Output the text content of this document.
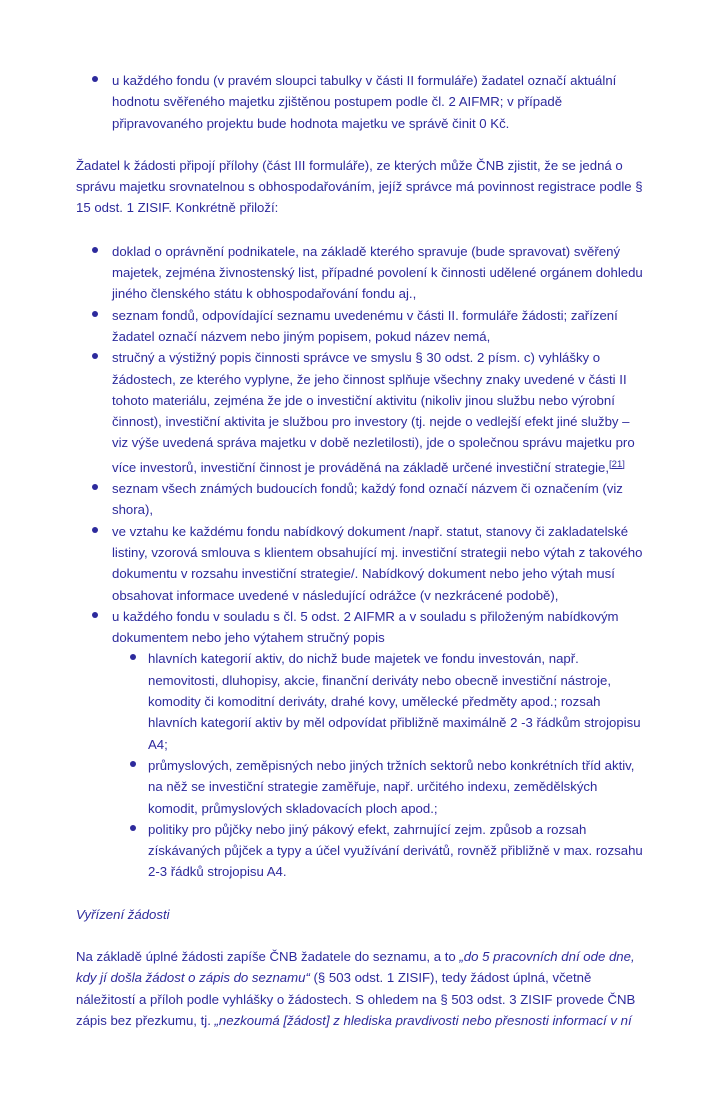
u každého fondu (v pravém sloupci tabulky v části II formuláře) žadatel označí aktuální hodnotu svěřeného majetku zjištěnou postupem podle čl. 2 AIFMR; v případě připravovaného projektu bude hodnota majetku ve správě činit 0 Kč.

Žadatel k žádosti připojí přílohy (část III formuláře), ze kterých může ČNB zjistit, že se jedná o správu majetku srovnatelnou s obhospodařováním, jejíž správce má povinnost registrace podle § 15 odst. 1 ZISIF. Konkrétně přiloží:

doklad o oprávnění podnikatele, na základě kterého spravuje (bude spravovat) svěřený majetek, zejména živnostenský list, případné povolení k činnosti udělené orgánem dohledu jiného členského státu k obhospodařování fondu aj.,
seznam fondů, odpovídající seznamu uvedenému v části II. formuláře žádosti; zařízení žadatel označí názvem nebo jiným popisem, pokud název nemá,
stručný a výstižný popis činnosti správce ve smyslu § 30 odst. 2 písm. c) vyhlášky o žádostech, ze kterého vyplyne, že jeho činnost splňuje všechny znaky uvedené v části II tohoto materiálu, zejména že jde o investiční aktivitu (nikoliv jinou službu nebo výrobní činnost), investiční aktivita je službou pro investory (tj. nejde o vedlejší efekt jiné služby – viz výše uvedená správa majetku v době nezletilosti), jde o společnou správu majetku pro více investorů, investiční činnost je prováděná na základě určené investiční strategie,[21]
seznam všech známých budoucích fondů; každý fond označí názvem či označením (viz shora),
ve vztahu ke každému fondu nabídkový dokument /např. statut, stanovy či zakladatelské listiny, vzorová smlouva s klientem obsahující mj. investiční strategii nebo výtah z takového dokumentu v rozsahu investiční strategie/. Nabídkový dokument nebo jeho výtah musí obsahovat informace uvedené v následující odrážce (v nezkrácené podobě),
u každého fondu v souladu s čl. 5 odst. 2 AIFMR a v souladu s přiloženým nabídkovým dokumentem nebo jeho výtahem stručný popis
hlavních kategorií aktiv, do nichž bude majetek ve fondu investován, např. nemovitosti, dluhopisy, akcie, finanční deriváty nebo obecně investiční nástroje, komodity či komoditní deriváty, drahé kovy, umělecké předměty apod.; rozsah hlavních kategorií aktiv by měl odpovídat přibližně maximálně 2 -3 řádkům strojopisu A4;
průmyslových, zeměpisných nebo jiných tržních sektorů nebo konkrétních tříd aktiv, na něž se investiční strategie zaměřuje, např. určitého indexu, zemědělských komodit, průmyslových skladovacích ploch apod.;
politiky pro půjčky nebo jiný pákový efekt, zahrnující zejm. způsob a rozsah získávaných půjček a typy a účel využívání derivátů, rovněž přibližně v max. rozsahu 2-3 řádků strojopisu A4.

Vyřízení žádosti

Na základě úplné žádosti zapíše ČNB žadatele do seznamu, a to „do 5 pracovních dní ode dne, kdy jí došla žádost o zápis do seznamu“ (§ 503 odst. 1 ZISIF), tedy žádost úplná, včetně náležitostí a příloh podle vyhlášky o žádostech. S ohledem na § 503 odst. 3 ZISIF provede ČNB zápis bez přezkumu, tj. „nezkoumá [žádost] z hlediska pravdivosti nebo přesnosti informací v ní
